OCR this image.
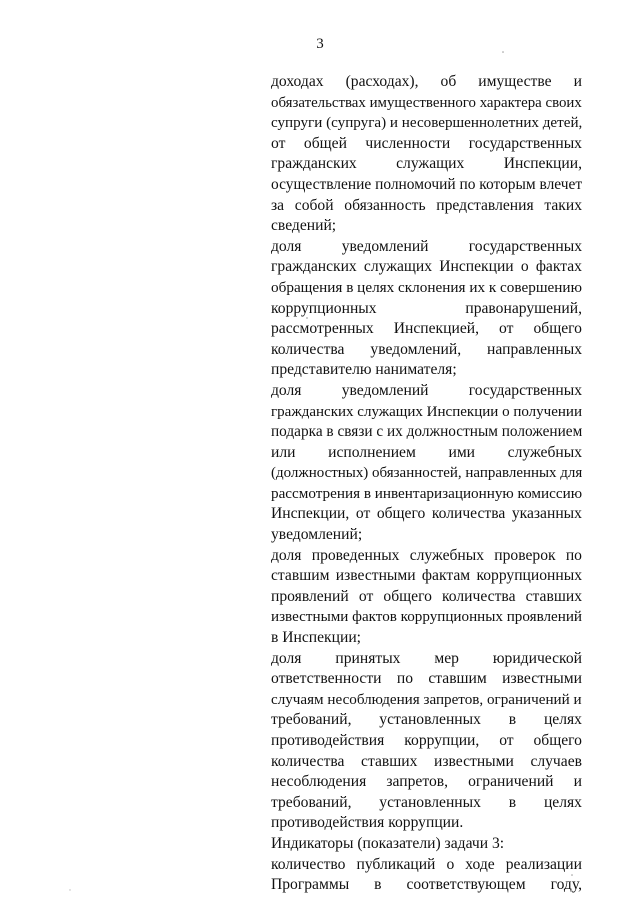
3
доходах (расходах), об имуществе и
обязательствах имущественного характера своих
супруги (супруга) и несовершеннолетних детей,
от общей численности государственных
гражданских	служащих	Инспекции,
осуществление полномочий по которым влечет
за собой обязанность представления таких
сведений;
доля	уведомлений	государственных
гражданских служащих Инспекции о фактах
обращения в целях склонения их к совершению
коррупционных	правонарушений,
рассмотренных Инспекцией, от общего
количества уведомлений, направленных
представителю нанимателя;
доля	уведомлений	государственных
гражданских служащих Инспекции о получении
подарка в связи с их должностным положением
или исполнением ими служебных
(должностных) обязанностей, направленных для
рассмотрения в инвентаризационную комиссию
Инспекции, от общего количества указанных
уведомлений;
доля проведенных служебных проверок по
ставшим известными фактам коррупционных
проявлений от общего количества ставших
известными фактов коррупционных проявлений
в Инспекции;
доля принятых мер юридической
ответственности по ставшим известными
случаям несоблюдения запретов, ограничений и
требований, установленных в целях
противодействия коррупции, от общего
количества ставших известными случаев
несоблюдения запретов, ограничений и
требований, установленных в целях
противодействия коррупции.
Индикаторы (показатели) задачи 3:
количество публикаций о ходе реализации
Программы в соответствующем году,
